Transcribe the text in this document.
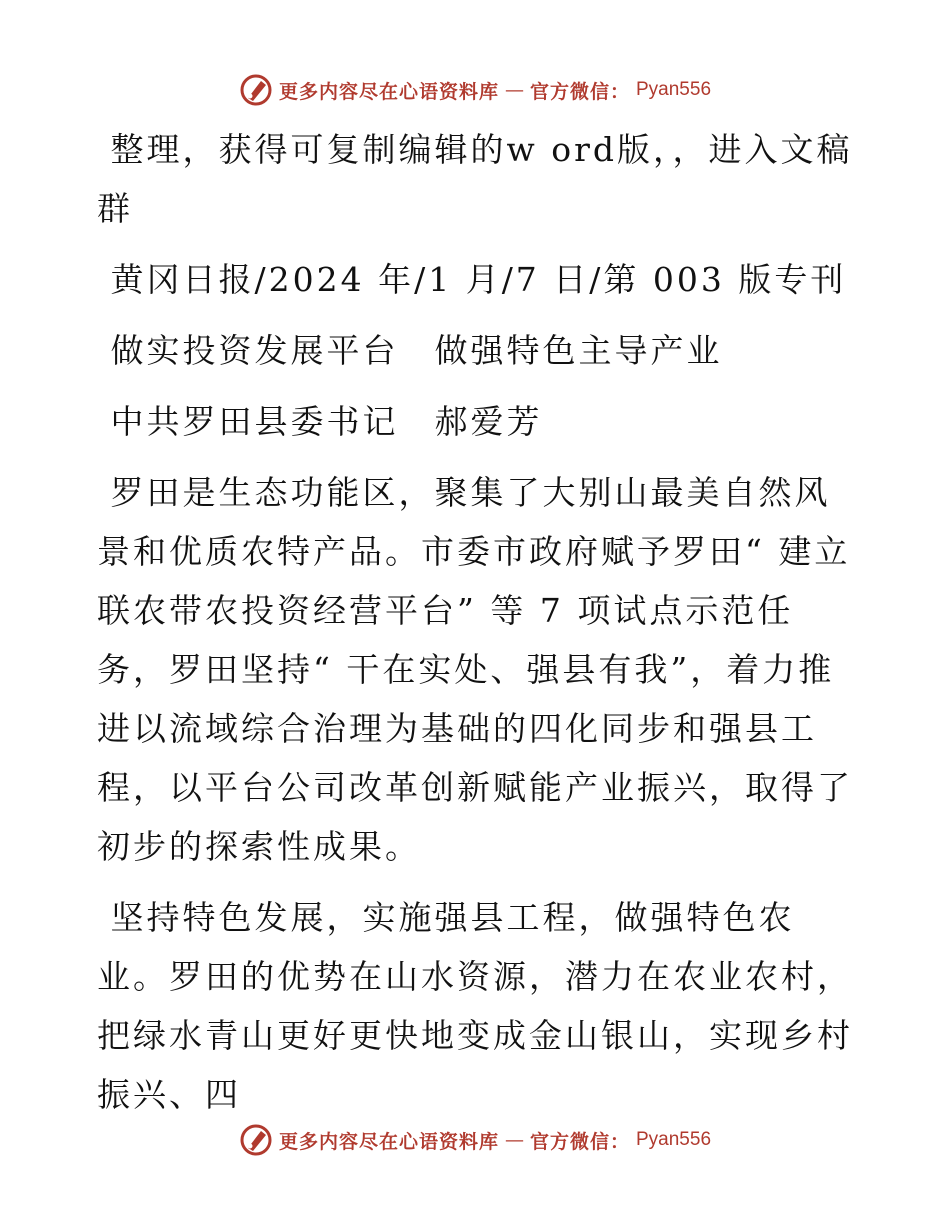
更多内容尽在心语资料库 — 官方微信： Pyan556

整理，获得可复制编辑的w ord版，，进入文稿群

黄冈日报/2024 年/1 月/7 日/第 003 版专刊

做实投资发展平台　做强特色主导产业

中共罗田县委书记　郝爱芳

罗田是生态功能区，聚集了大别山最美自然风景和优质农特产品。市委市政府赋予罗田“ 建立联农带农投资经营平台” 等 7 项试点示范任务，罗田坚持“ 干在实处、强县有我”，着力推进以流域综合治理为基础的四化同步和强县工程，以平台公司改革创新赋能产业振兴，取得了初步的探索性成果。

坚持特色发展，实施强县工程，做强特色农业。罗田的优势在山水资源，潜力在农业农村，把绿水青山更好更快地变成金山银山，实现乡村振兴、四

更多内容尽在心语资料库 — 官方微信： Pyan556
